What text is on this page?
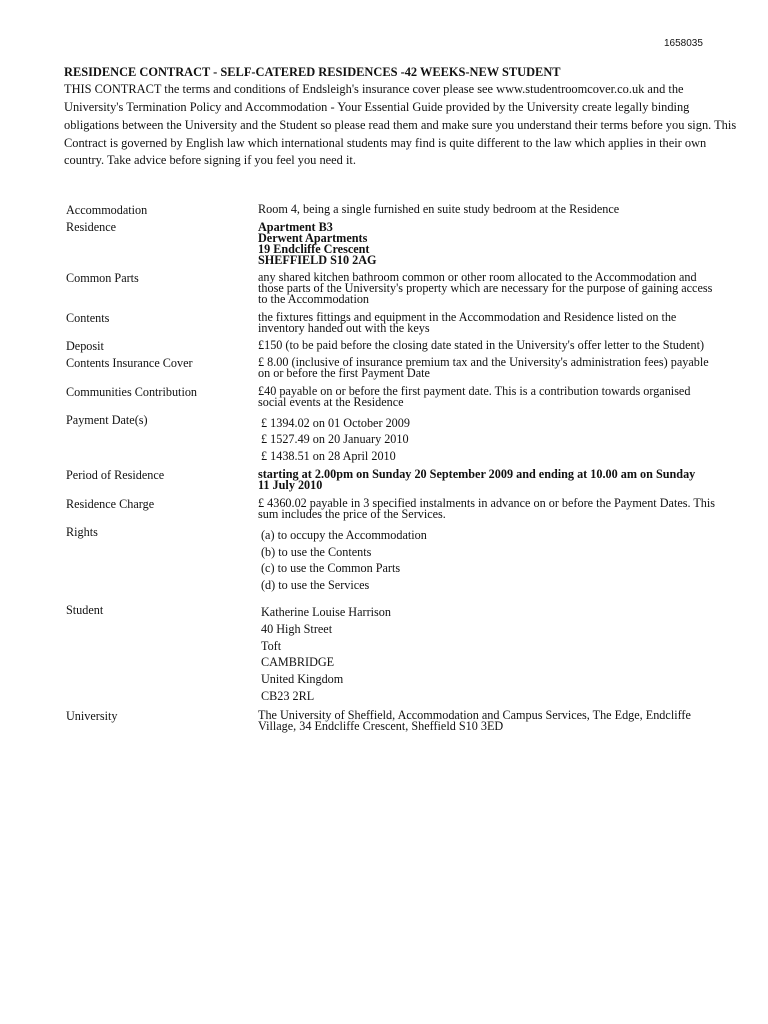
1658035
RESIDENCE CONTRACT - SELF-CATERED RESIDENCES -42 WEEKS-NEW STUDENT
THIS CONTRACT the terms and conditions of Endsleigh's insurance cover please see www.studentroomcover.co.uk and the
University's Termination Policy and Accommodation - Your Essential Guide provided by the University create legally binding
obligations between the University and the Student so please read them and make sure you understand their terms before you sign. This
Contract is governed by English law which international students may find is quite different to the law which applies in their own
country. Take advice before signing if you feel you need it.
Accommodation	Room 4, being a single furnished en suite study bedroom at the Residence
Residence	Apartment B3
Derwent Apartments
19 Endcliffe Crescent
SHEFFIELD S10 2AG
Common Parts	any shared kitchen bathroom common or other room allocated to the Accommodation and
those parts of the University's property which are necessary for the purpose of gaining access
to the Accommodation
Contents	the fixtures fittings and equipment in the Accommodation and Residence listed on the
inventory handed out with the keys
Deposit	£150 (to be paid before the closing date stated in the University's offer letter to the Student)
Contents Insurance Cover	£ 8.00 (inclusive of insurance premium tax and the University's administration fees) payable
on or before the first Payment Date
Communities Contribution	£40 payable on or before the first payment date. This is a contribution towards organised
social events at the Residence
Payment Date(s)	£ 1394.02 on 01 October 2009
£ 1527.49 on 20 January 2010
£ 1438.51 on 28 April 2010
Period of Residence	starting at 2.00pm on Sunday 20 September 2009 and ending at 10.00 am on Sunday
11 July 2010
Residence Charge	£ 4360.02 payable in 3 specified instalments in advance on or before the Payment Dates. This
sum includes the price of the Services.
Rights	(a) to occupy the Accommodation
(b) to use the Contents
(c) to use the Common Parts
(d) to use the Services
Student	Katherine Louise Harrison
40 High Street
Toft
CAMBRIDGE
United Kingdom
CB23 2RL
University	The University of Sheffield, Accommodation and Campus Services, The Edge, Endcliffe
Village, 34 Endcliffe Crescent, Sheffield S10 3ED
